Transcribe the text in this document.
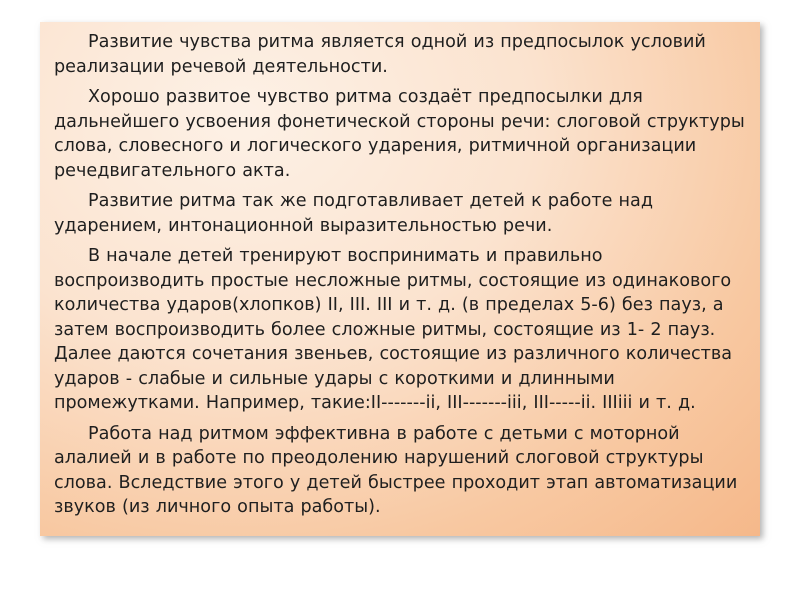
Развитие чувства ритма является одной из предпосылок условий реализации речевой деятельности.

Хорошо развитое чувство ритма создаёт предпосылки для дальнейшего усвоения фонетической стороны речи: слоговой структуры слова, словесного и логического ударения, ритмичной организации речедвигательного акта.

Развитие ритма так же подготавливает детей к работе над ударением, интонационной выразительностью речи.

В начале детей тренируют воспринимать и правильно воспроизводить простые несложные ритмы, состоящие из одинакового количества ударов(хлопков) II, III. III и т. д. (в пределах 5-6) без пауз, а затем воспроизводить более сложные ритмы, состоящие из 1- 2 пауз. Далее даются сочетания звеньев, состоящие из различного количества ударов - слабые и сильные удары с короткими и длинными промежутками. Например, такие:II-------ii, III-------iii, III-----ii. IIIiii и т. д.

Работа над ритмом эффективна в работе с детьми с моторной алалией и в работе по преодолению нарушений слоговой структуры слова. Вследствие этого у детей быстрее проходит этап автоматизации звуков (из личного опыта работы).
